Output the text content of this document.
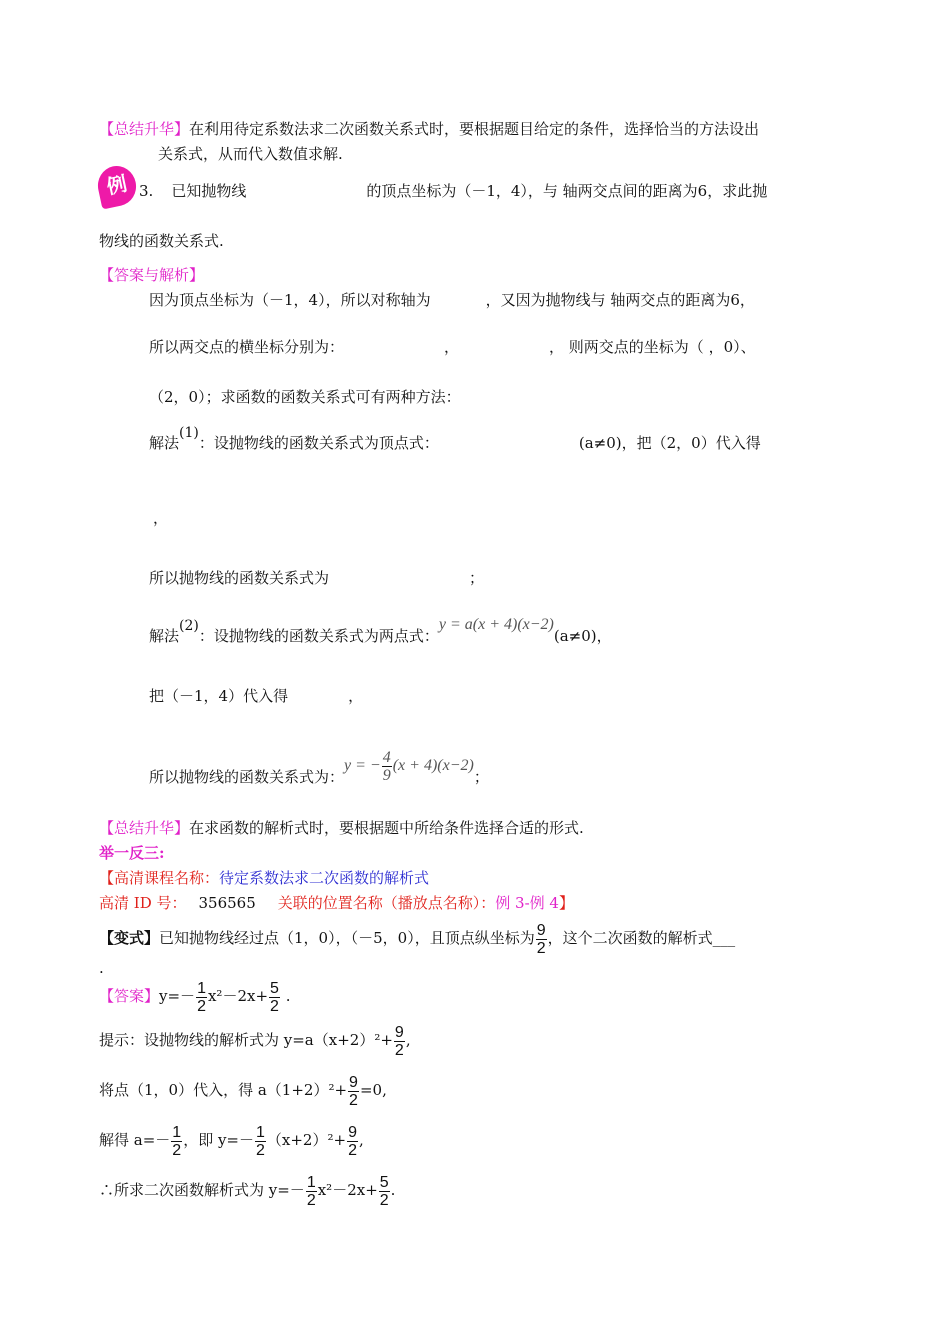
【总结升华】在利用待定系数法求二次函数关系式时，要根据题目给定的条件，选择恰当的方法设出
关系式，从而代入数值求解.
例 3. 已知抛物线	的顶点坐标为（－1，4），与 轴两交点间的距离为6，求此抛
物线的函数关系式.
【答案与解析】
因为顶点坐标为（－1，4），所以对称轴为	，又因为抛物线与 轴两交点的距离为6，
所以两交点的横坐标分别为：	，	， 则两交点的坐标为（ ，0）、
（2，0）；求函数的函数关系式可有两种方法：
解法(1)：设抛物线的函数关系式为顶点式：	(a≠0)，把（2，0）代入得
，
所以抛物线的函数关系式为	；
解法(2)：设抛物线的函数关系式为两点式：y = a(x + 4)(x−2)(a≠0)，
把（－1，4）代入得	，
所以抛物线的函数关系式为：y = − $\frac{4}{9} (x + 4)(x-2)$；
【总结升华】在求函数的解析式时，要根据题中所给条件选择合适的形式.
举一反三:
【高清课程名称：待定系数法求二次函数的解析式
高清 ID 号： 356565 关联的位置名称（播放点名称）：例 3-例 4】
【变式】已知抛物线经过点（1，0），（－5，0），且顶点纵坐标为 $\frac{9}{2}$ ，这个二次函数的解析式___
.
【答案】$y=- \frac{1}{2} x^2-2x+ \frac{5}{2}$ .
提示：设抛物线的解析式为 $y=a(x+2)^2+ \frac{9}{2}$ ,
将点（1，0）代入，得 $a(1+2)^2+ \frac{9}{2} =0$,
解得 $a=- \frac{1}{2}$ ，即 $y=- \frac{1}{2} (x+2)^2+ \frac{9}{2}$ ,
∴所求二次函数解析式为 $y=- \frac{1}{2} x^2-2x+ \frac{5}{2}$ .
